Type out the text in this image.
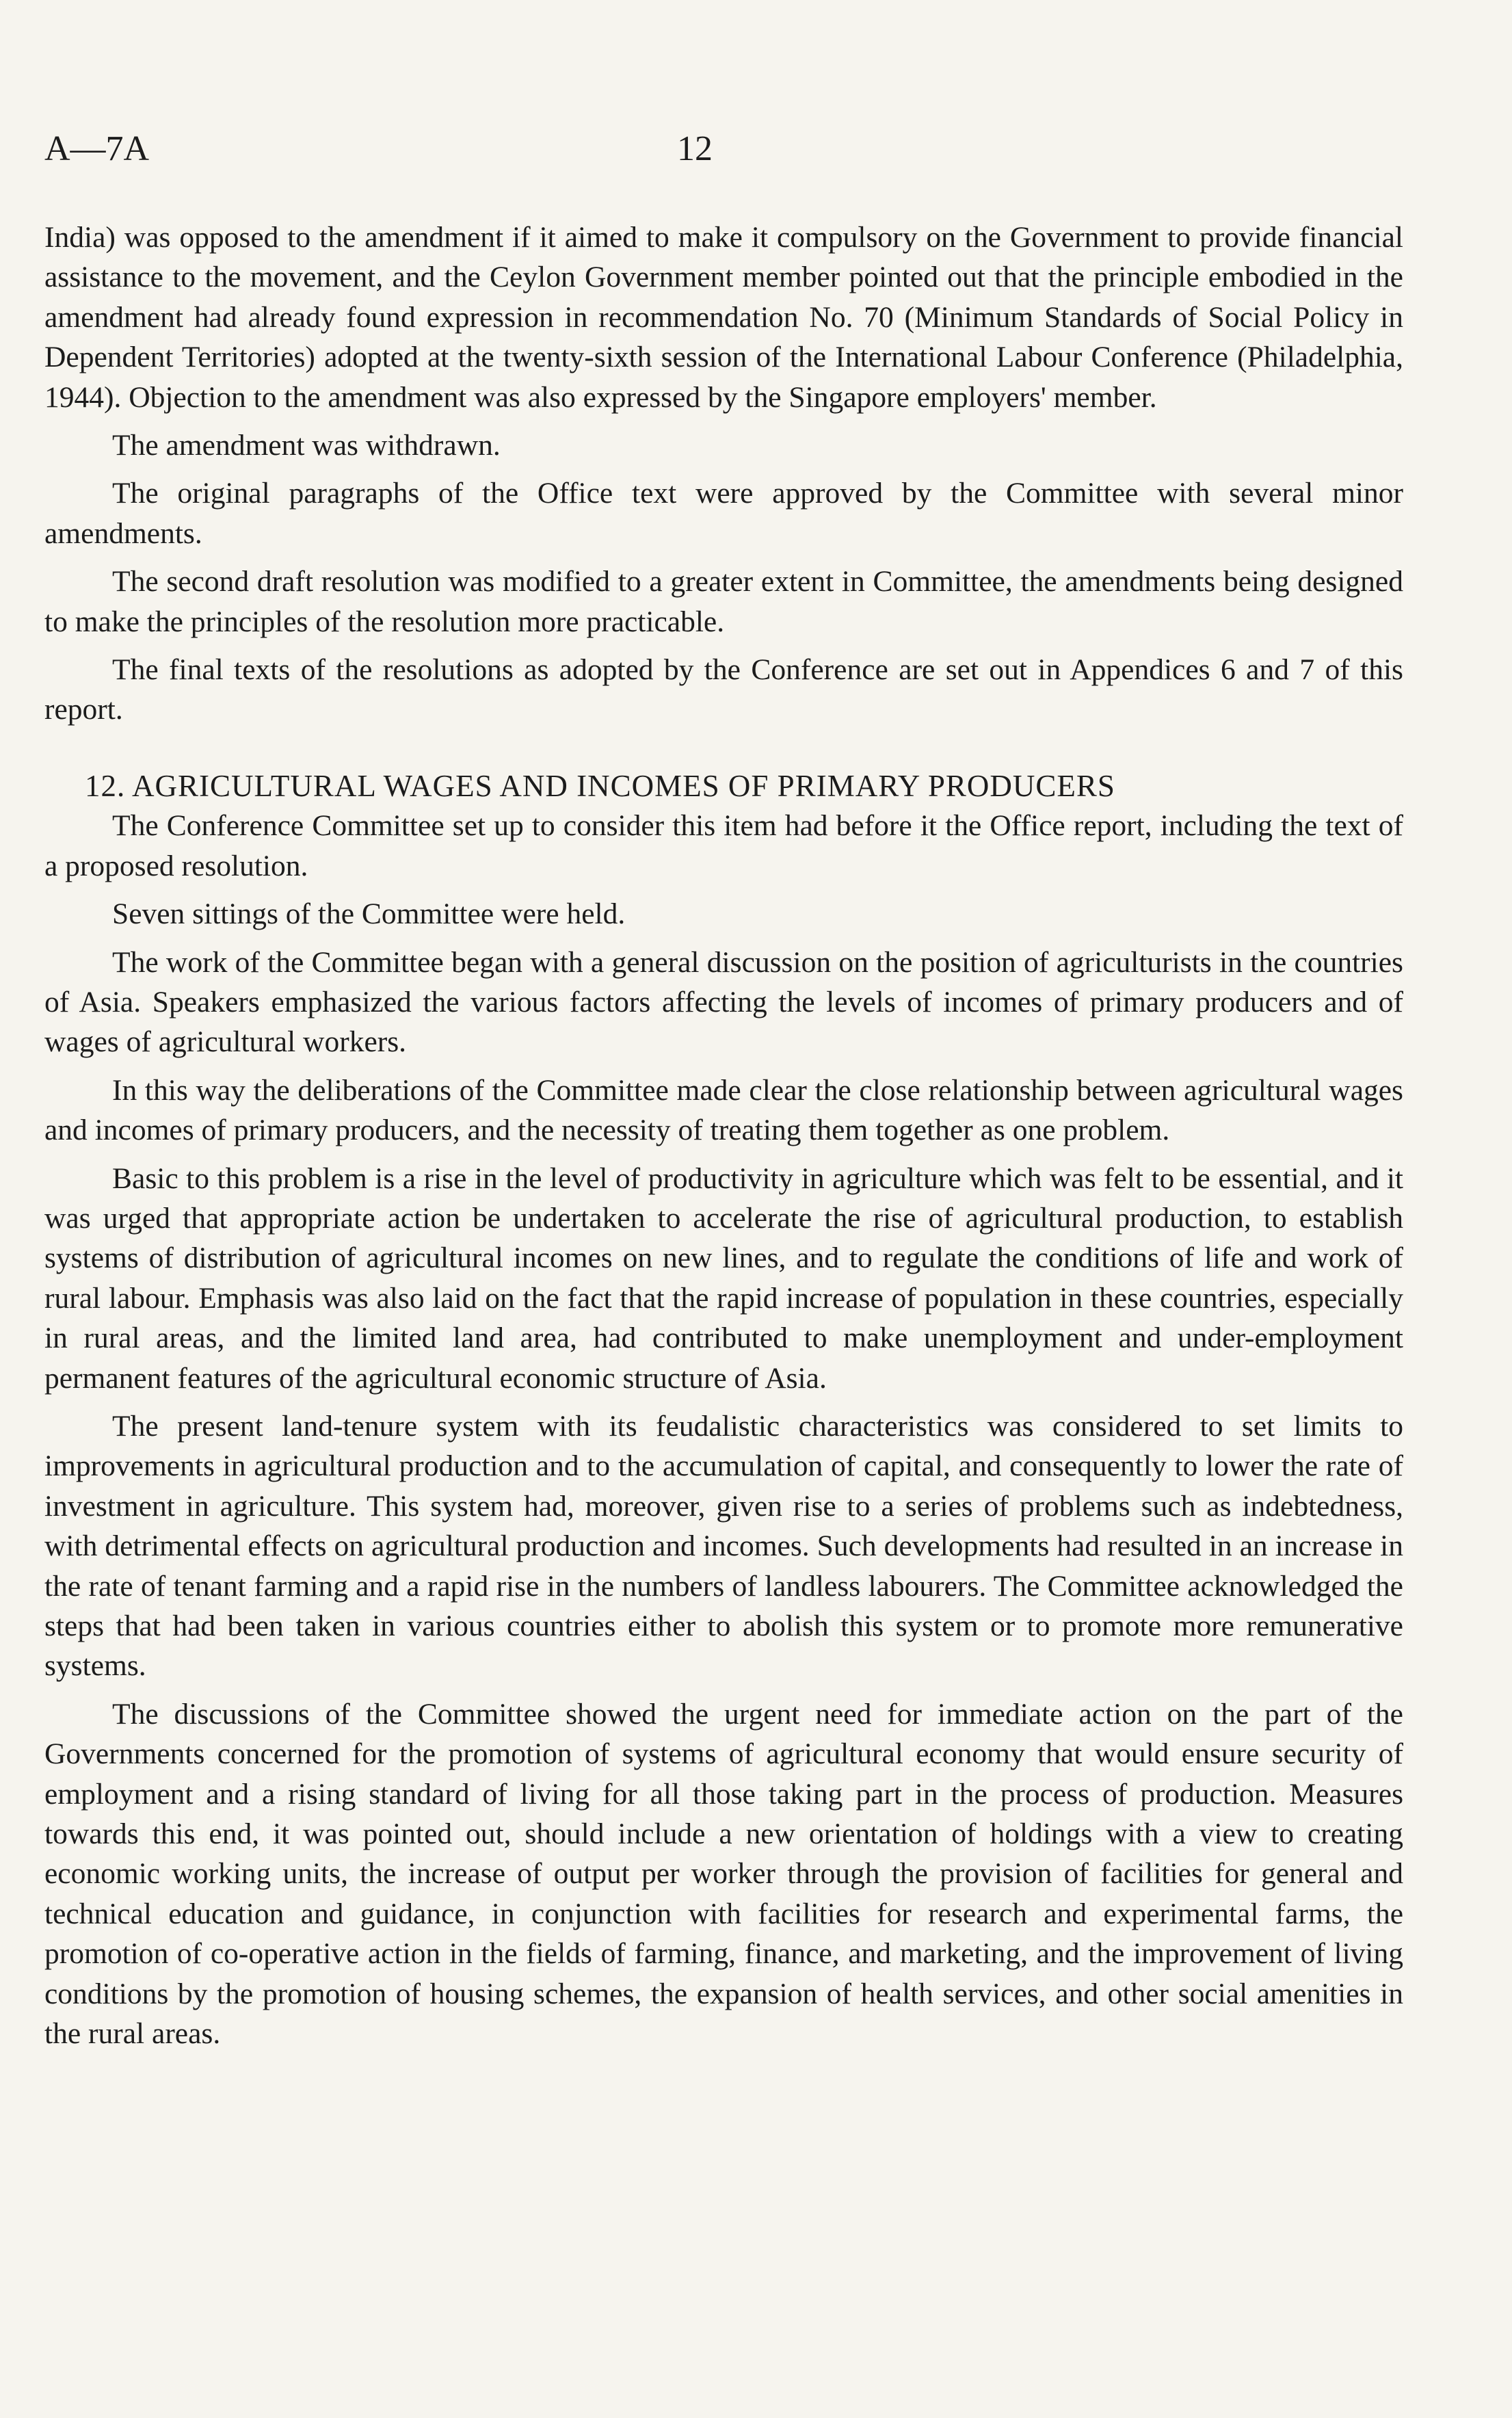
A—7A	12

India) was opposed to the amendment if it aimed to make it compulsory on the Government to provide financial assistance to the movement, and the Ceylon Government member pointed out that the principle embodied in the amendment had already found expression in recommendation No. 70 (Minimum Standards of Social Policy in Dependent Territories) adopted at the twenty-sixth session of the International Labour Conference (Philadelphia, 1944). Objection to the amendment was also expressed by the Singapore employers' member.

The amendment was withdrawn.

The original paragraphs of the Office text were approved by the Committee with several minor amendments.

The second draft resolution was modified to a greater extent in Committee, the amendments being designed to make the principles of the resolution more practicable.

The final texts of the resolutions as adopted by the Conference are set out in Appendices 6 and 7 of this report.

12. AGRICULTURAL WAGES AND INCOMES OF PRIMARY PRODUCERS

The Conference Committee set up to consider this item had before it the Office report, including the text of a proposed resolution.

Seven sittings of the Committee were held.

The work of the Committee began with a general discussion on the position of agriculturists in the countries of Asia. Speakers emphasized the various factors affecting the levels of incomes of primary producers and of wages of agricultural workers.

In this way the deliberations of the Committee made clear the close relationship between agricultural wages and incomes of primary producers, and the necessity of treating them together as one problem.

Basic to this problem is a rise in the level of productivity in agriculture which was felt to be essential, and it was urged that appropriate action be undertaken to accelerate the rise of agricultural production, to establish systems of distribution of agricultural incomes on new lines, and to regulate the conditions of life and work of rural labour. Emphasis was also laid on the fact that the rapid increase of population in these countries, especially in rural areas, and the limited land area, had contributed to make unemployment and under-employment permanent features of the agricultural economic structure of Asia.

The present land-tenure system with its feudalistic characteristics was considered to set limits to improvements in agricultural production and to the accumulation of capital, and consequently to lower the rate of investment in agriculture. This system had, moreover, given rise to a series of problems such as indebtedness, with detrimental effects on agricultural production and incomes. Such developments had resulted in an increase in the rate of tenant farming and a rapid rise in the numbers of landless labourers. The Committee acknowledged the steps that had been taken in various countries either to abolish this system or to promote more remunerative systems.

The discussions of the Committee showed the urgent need for immediate action on the part of the Governments concerned for the promotion of systems of agricultural economy that would ensure security of employment and a rising standard of living for all those taking part in the process of production. Measures towards this end, it was pointed out, should include a new orientation of holdings with a view to creating economic working units, the increase of output per worker through the provision of facilities for general and technical education and guidance, in conjunction with facilities for research and experimental farms, the promotion of co-operative action in the fields of farming, finance, and marketing, and the improvement of living conditions by the promotion of housing schemes, the expansion of health services, and other social amenities in the rural areas.
